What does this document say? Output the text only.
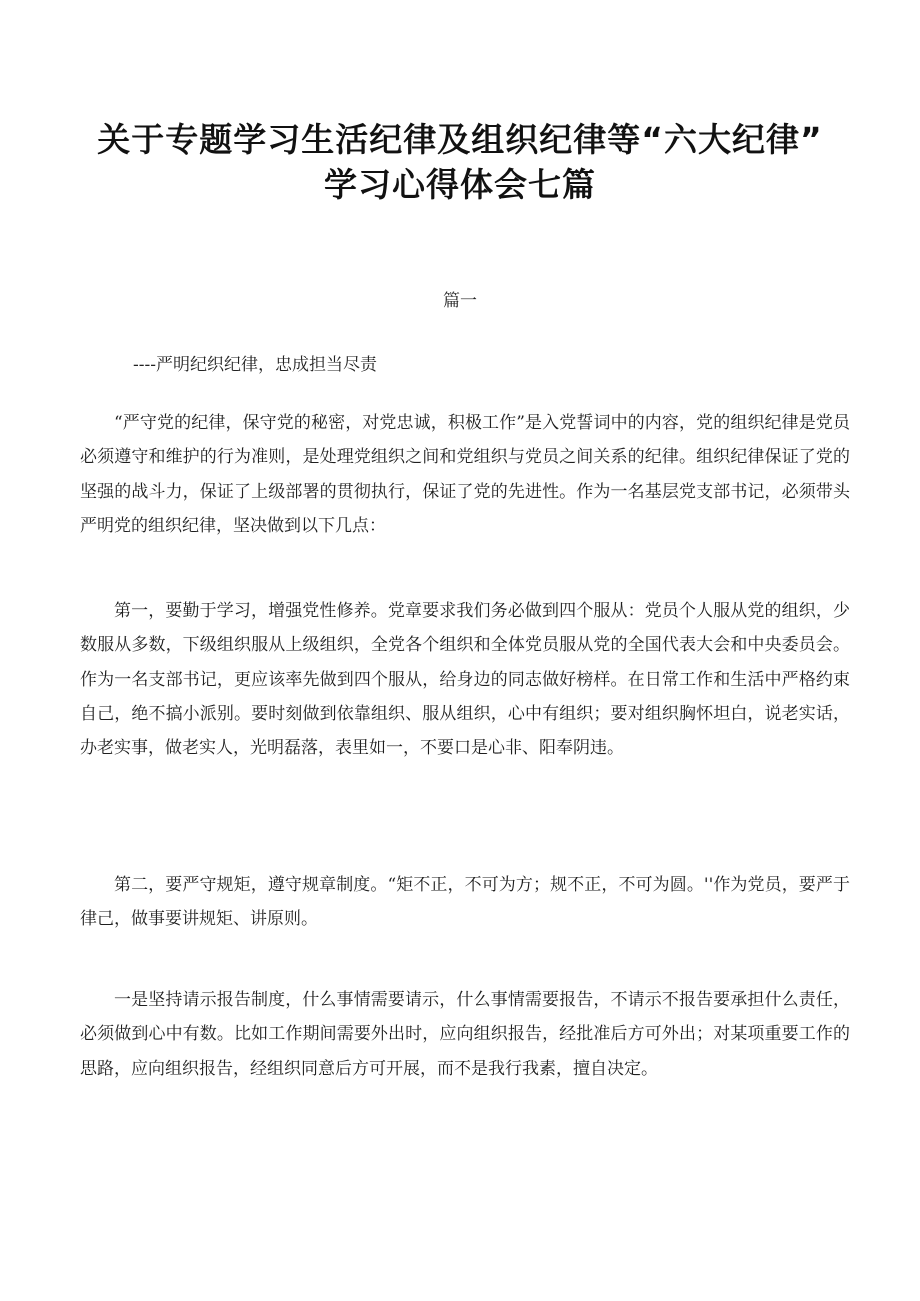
关于专题学习生活纪律及组织纪律等“六大纪律”
学习心得体会七篇
篇一
----严明纪织纪律，忠成担当尽责

“严守党的纪律，保守党的秘密，对党忠诚，积极工作”是入党誓词中的内容，党的组织纪律是党员必须遵守和维护的行为准则，是处理党组织之间和党组织与党员之间关系的纪律。组织纪律保证了党的坚强的战斗力，保证了上级部署的贯彻执行，保证了党的先进性。作为一名基层党支部书记，必须带头严明党的组织纪律，坚决做到以下几点：

第一，要勤于学习，增强党性修养。党章要求我们务必做到四个服从：党员个人服从党的组织，少数服从多数，下级组织服从上级组织，全党各个组织和全体党员服从党的全国代表大会和中央委员会。作为一名支部书记，更应该率先做到四个服从，给身边的同志做好榜样。在日常工作和生活中严格约束自己，绝不搞小派别。要时刻做到依靠组织、服从组织，心中有组织；要对组织胸怀坦白，说老实话，办老实事，做老实人，光明磊落，表里如一，不要口是心非、阳奉阴违。

第二，要严守规矩，遵守规章制度。“矩不正，不可为方；规不正，不可为圆。''作为党员，要严于律己，做事要讲规矩、讲原则。

一是坚持请示报告制度，什么事情需要请示，什么事情需要报告，不请示不报告要承担什么责任，必须做到心中有数。比如工作期间需要外出时，应向组织报告，经批准后方可外出；对某项重要工作的思路，应向组织报告，经组织同意后方可开展，而不是我行我素，擅自决定。
